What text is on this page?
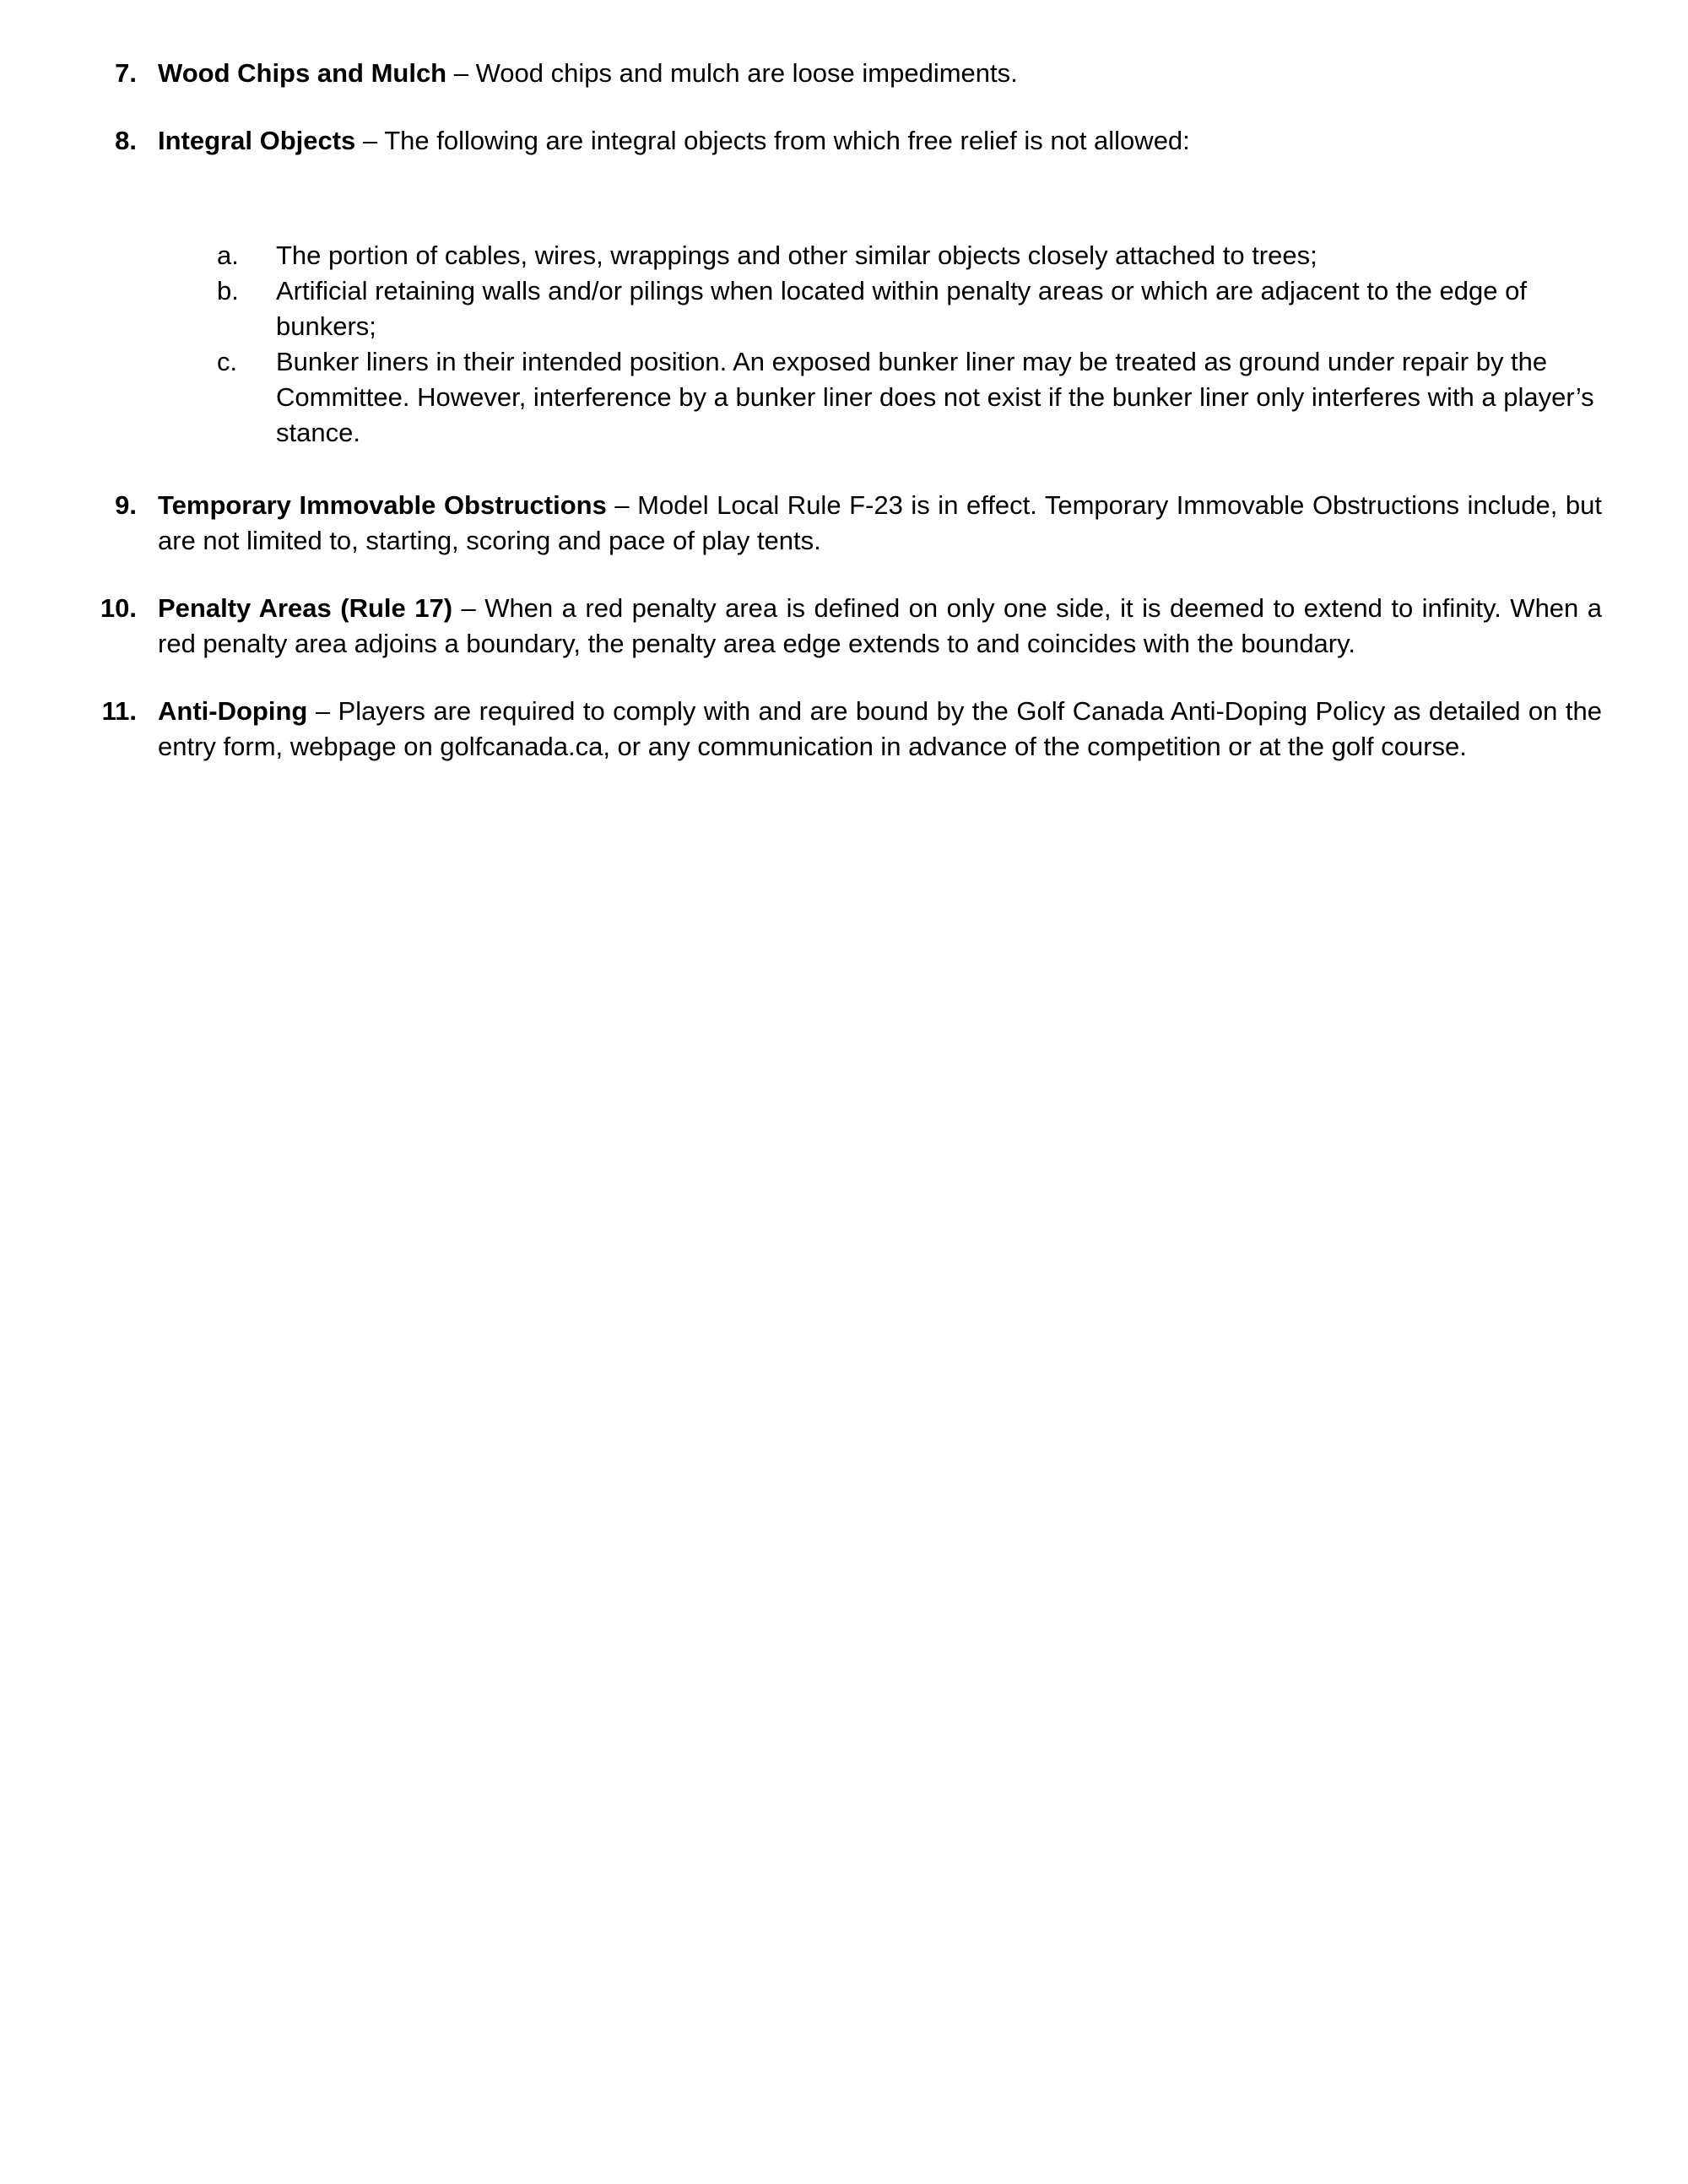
7. Wood Chips and Mulch – Wood chips and mulch are loose impediments.
8. Integral Objects – The following are integral objects from which free relief is not allowed:
a.	The portion of cables, wires, wrappings and other similar objects closely attached to trees;
b.	Artificial retaining walls and/or pilings when located within penalty areas or which are adjacent to the edge of bunkers;
c.	Bunker liners in their intended position. An exposed bunker liner may be treated as ground under repair by the Committee. However, interference by a bunker liner does not exist if the bunker liner only interferes with a player’s stance.
9. Temporary Immovable Obstructions – Model Local Rule F-23 is in effect. Temporary Immovable Obstructions include, but are not limited to, starting, scoring and pace of play tents.
10. Penalty Areas (Rule 17) – When a red penalty area is defined on only one side, it is deemed to extend to infinity. When a red penalty area adjoins a boundary, the penalty area edge extends to and coincides with the boundary.
11. Anti-Doping – Players are required to comply with and are bound by the Golf Canada Anti-Doping Policy as detailed on the entry form, webpage on golfcanada.ca, or any communication in advance of the competition or at the golf course.
